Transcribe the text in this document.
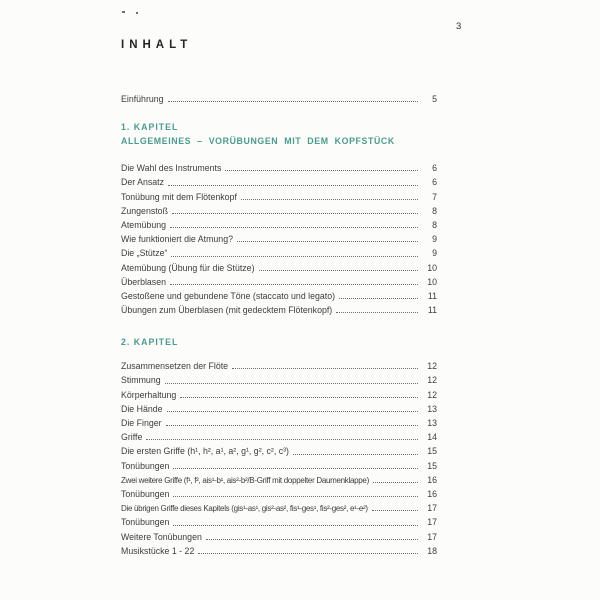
3
INHALT
Einführung	5
1. KAPITEL
ALLGEMEINES – VORÜBUNGEN MIT DEM KOPFSTÜCK
Die Wahl des Instruments	6
Der Ansatz	6
Tonübung mit dem Flötenkopf	7
Zungenstoß	8
Atemübung	8
Wie funktioniert die Atmung?	9
Die „Stütze“	9
Atemübung (Übung für die Stütze)	10
Überblasen	10
Gestoßene und gebundene Töne (staccato und legato)	11
Übungen zum Überblasen (mit gedecktem Flötenkopf)	11
2. KAPITEL
Zusammensetzen der Flöte	12
Stimmung	12
Körperhaltung	12
Die Hände	13
Die Finger	13
Griffe	14
Die ersten Griffe (h¹, h², a¹, a², g¹, g², c², c³)	15
Tonübungen	15
Zwei weitere Griffe (f¹, f², ais¹-b¹, ais²-b²/B-Griff mit doppelter Daumenklappe)	16
Tonübungen	16
Die übrigen Griffe dieses Kapitels (gis¹-as¹, gis²-as², fis¹-ges¹, fis²-ges², e¹-e²)	17
Tonübungen	17
Weitere Tonübungen	17
Musikstücke 1 - 22	18
